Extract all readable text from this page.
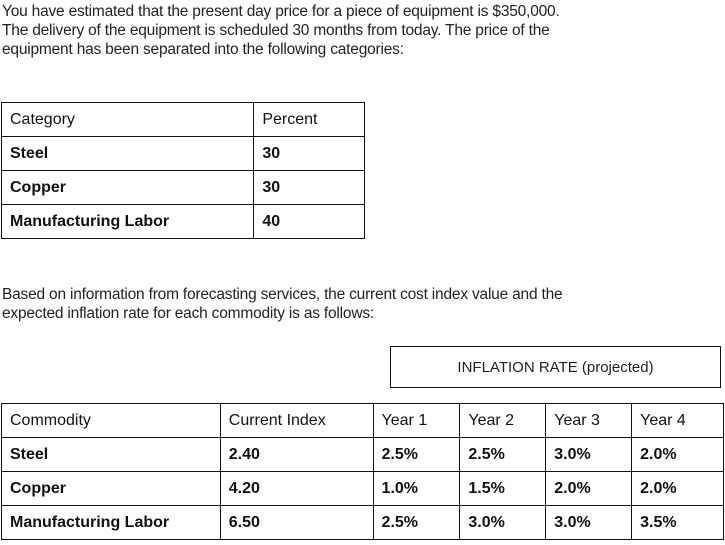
You have estimated that the present day price for a piece of equipment is $350,000.
The delivery of the equipment is scheduled 30 months from today. The price of the
equipment has been separated into the following categories:

Category	Percent
Steel	30
Copper	30
Manufacturing Labor	40

Based on information from forecasting services, the current cost index value and the
expected inflation rate for each commodity is as follows:

INFLATION RATE (projected)
Commodity	Current Index	Year 1	Year 2	Year 3	Year 4
Steel	2.40	2.5%	2.5%	3.0%	2.0%
Copper	4.20	1.0%	1.5%	2.0%	2.0%
Manufacturing Labor	6.50	2.5%	3.0%	3.0%	3.5%
